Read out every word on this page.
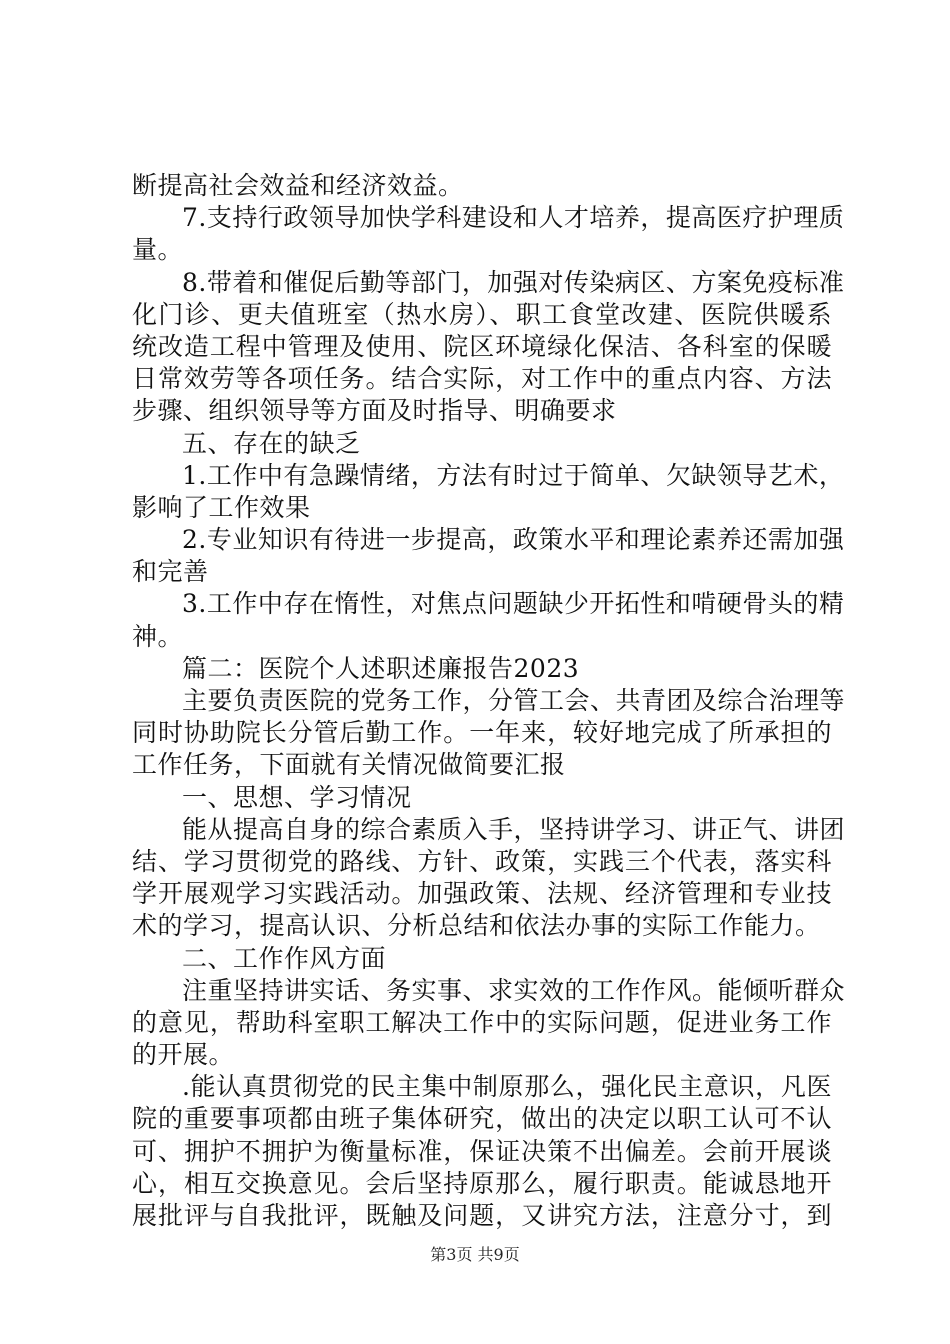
断提高社会效益和经济效益。
7.支持行政领导加快学科建设和人才培养，提高医疗护理质
量。
8.带着和催促后勤等部门，加强对传染病区、方案免疫标准
化门诊、更夫值班室（热水房）、职工食堂改建、医院供暖系
统改造工程中管理及使用、院区环境绿化保洁、各科室的保暖
日常效劳等各项任务。结合实际，对工作中的重点内容、方法
步骤、组织领导等方面及时指导、明确要求
五、存在的缺乏
1.工作中有急躁情绪，方法有时过于简单、欠缺领导艺术，
影响了工作效果
2.专业知识有待进一步提高，政策水平和理论素养还需加强
和完善
3.工作中存在惰性，对焦点问题缺少开拓性和啃硬骨头的精
神。
篇二：医院个人述职述廉报告2023
主要负责医院的党务工作，分管工会、共青团及综合治理等
同时协助院长分管后勤工作。一年来，较好地完成了所承担的
工作任务，下面就有关情况做简要汇报
一、思想、学习情况
能从提高自身的综合素质入手，坚持讲学习、讲正气、讲团
结、学习贯彻党的路线、方针、政策，实践三个代表，落实科
学开展观学习实践活动。加强政策、法规、经济管理和专业技
术的学习，提高认识、分析总结和依法办事的实际工作能力。
二、工作作风方面
注重坚持讲实话、务实事、求实效的工作作风。能倾听群众
的意见，帮助科室职工解决工作中的实际问题，促进业务工作
的开展。
.能认真贯彻党的民主集中制原那么，强化民主意识，凡医
院的重要事项都由班子集体研究，做出的决定以职工认可不认
可、拥护不拥护为衡量标准，保证决策不出偏差。会前开展谈
心，相互交换意见。会后坚持原那么，履行职责。能诚恳地开
展批评与自我批评，既触及问题，又讲究方法，注意分寸，到
第3页 共9页
